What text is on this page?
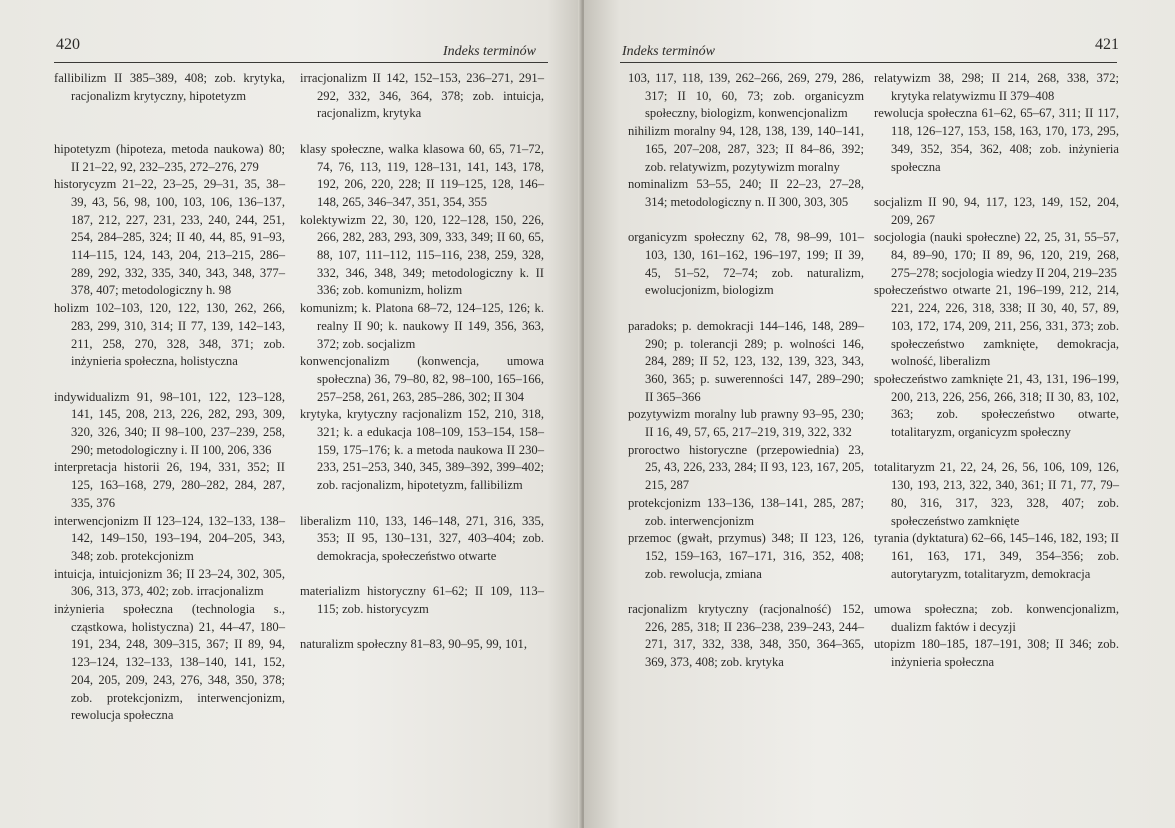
420	Indeks terminów

fallibilizm II 385–389, 408; zob. krytyka, racjonalizm krytyczny, hipotetyzm

hipotetyzm (hipoteza, metoda naukowa) 80; II 21–22, 92, 232–235, 272–276, 279

historycyzm 21–22, 23–25, 29–31, 35, 38–39, 43, 56, 98, 100, 103, 106, 136–137, 187, 212, 227, 231, 233, 240, 244, 251, 254, 284–285, 324; II 40, 44, 85, 91–93, 114–115, 124, 143, 204, 213–215, 286–289, 292, 332, 335, 340, 343, 348, 377–378, 407; metodologiczny h. 98

holizm 102–103, 120, 122, 130, 262, 266, 283, 299, 310, 314; II 77, 139, 142–143, 211, 258, 270, 328, 348, 371; zob. inżynieria społeczna, holistyczna

indywidualizm 91, 98–101, 122, 123–128, 141, 145, 208, 213, 226, 282, 293, 309, 320, 326, 340; II 98–100, 237–239, 258, 290; metodologiczny i. II 100, 206, 336

interpretacja historii 26, 194, 331, 352; II 125, 163–168, 279, 280–282, 284, 287, 335, 376

interwencjonizm II 123–124, 132–133, 138–142, 149–150, 193–194, 204–205, 343, 348; zob. protekcjonizm

intuicja, intuicjonizm 36; II 23–24, 302, 305, 306, 313, 373, 402; zob. irracjonalizm

inżynieria społeczna (technologia s., cząstkowa, holistyczna) 21, 44–47, 180–191, 234, 248, 309–315, 367; II 89, 94, 123–124, 132–133, 138–140, 141, 152, 204, 205, 209, 243, 276, 348, 350, 378; zob. protekcjonizm, interwencjonizm, rewolucja społeczna

irracjonalizm II 142, 152–153, 236–271, 291–292, 332, 346, 364, 378; zob. intuicja, racjonalizm, krytyka

klasy społeczne, walka klasowa 60, 65, 71–72, 74, 76, 113, 119, 128–131, 141, 143, 178, 192, 206, 220, 228; II 119–125, 128, 146–148, 265, 346–347, 351, 354, 355

kolektywizm 22, 30, 120, 122–128, 150, 226, 266, 282, 283, 293, 309, 333, 349; II 60, 65, 88, 107, 111–112, 115–116, 238, 259, 328, 332, 346, 348, 349; metodologiczny k. II 336; zob. komunizm, holizm

komunizm; k. Platona 68–72, 124–125, 126; k. realny II 90; k. naukowy II 149, 356, 363, 372; zob. socjalizm

konwencjonalizm (konwencja, umowa społeczna) 36, 79–80, 82, 98–100, 165–166, 257–258, 261, 263, 285–286, 302; II 304

krytyka, krytyczny racjonalizm 152, 210, 318, 321; k. a edukacja 108–109, 153–154, 158–159, 175–176; k. a metoda naukowa II 230–233, 251–253, 340, 345, 389–392, 399–402; zob. racjonalizm, hipotetyzm, fallibilizm

liberalizm 110, 133, 146–148, 271, 316, 335, 353; II 95, 130–131, 327, 403–404; zob. demokracja, społeczeństwo otwarte

materializm historyczny 61–62; II 109, 113–115; zob. historycyzm

naturalizm społeczny 81–83, 90–95, 99, 101,

Indeks terminów	421

103, 117, 118, 139, 262–266, 269, 279, 286, 317; II 10, 60, 73; zob. organicyzm społeczny, biologizm, konwencjonalizm

nihilizm moralny 94, 128, 138, 139, 140–141, 165, 207–208, 287, 323; II 84–86, 392; zob. relatywizm, pozytywizm moralny

nominalizm 53–55, 240; II 22–23, 27–28, 314; metodologiczny n. II 300, 303, 305

organicyzm społeczny 62, 78, 98–99, 101–103, 130, 161–162, 196–197, 199; II 39, 45, 51–52, 72–74; zob. naturalizm, ewolucjonizm, biologizm

paradoks; p. demokracji 144–146, 148, 289–290; p. tolerancji 289; p. wolności 146, 284, 289; II 52, 123, 132, 139, 323, 343, 360, 365; p. suwerenności 147, 289–290; II 365–366

pozytywizm moralny lub prawny 93–95, 230; II 16, 49, 57, 65, 217–219, 319, 322, 332

proroctwo historyczne (przepowiednia) 23, 25, 43, 226, 233, 284; II 93, 123, 167, 205, 215, 287

protekcjonizm 133–136, 138–141, 285, 287; zob. interwencjonizm

przemoc (gwałt, przymus) 348; II 123, 126, 152, 159–163, 167–171, 316, 352, 408; zob. rewolucja, zmiana

racjonalizm krytyczny (racjonalność) 152, 226, 285, 318; II 236–238, 239–243, 244–271, 317, 332, 338, 348, 350, 364–365, 369, 373, 408; zob. krytyka

relatywizm 38, 298; II 214, 268, 338, 372; krytyka relatywizmu II 379–408

rewolucja społeczna 61–62, 65–67, 311; II 117, 118, 126–127, 153, 158, 163, 170, 173, 295, 349, 352, 354, 362, 408; zob. inżynieria społeczna

socjalizm II 90, 94, 117, 123, 149, 152, 204, 209, 267

socjologia (nauki społeczne) 22, 25, 31, 55–57, 84, 89–90, 170; II 89, 96, 120, 219, 268, 275–278; socjologia wiedzy II 204, 219–235

społeczeństwo otwarte 21, 196–199, 212, 214, 221, 224, 226, 318, 338; II 30, 40, 57, 89, 103, 172, 174, 209, 211, 256, 331, 373; zob. społeczeństwo zamknięte, demokracja, wolność, liberalizm

społeczeństwo zamknięte 21, 43, 131, 196–199, 200, 213, 226, 256, 266, 318; II 30, 83, 102, 363; zob. społeczeństwo otwarte, totalitaryzm, organicyzm społeczny

totalitaryzm 21, 22, 24, 26, 56, 106, 109, 126, 130, 193, 213, 322, 340, 361; II 71, 77, 79–80, 316, 317, 323, 328, 407; zob. społeczeństwo zamknięte

tyrania (dyktatura) 62–66, 145–146, 182, 193; II 161, 163, 171, 349, 354–356; zob. autorytaryzm, totalitaryzm, demokracja

umowa społeczna; zob. konwencjonalizm, dualizm faktów i decyzji

utopizm 180–185, 187–191, 308; II 346; zob. inżynieria społeczna
